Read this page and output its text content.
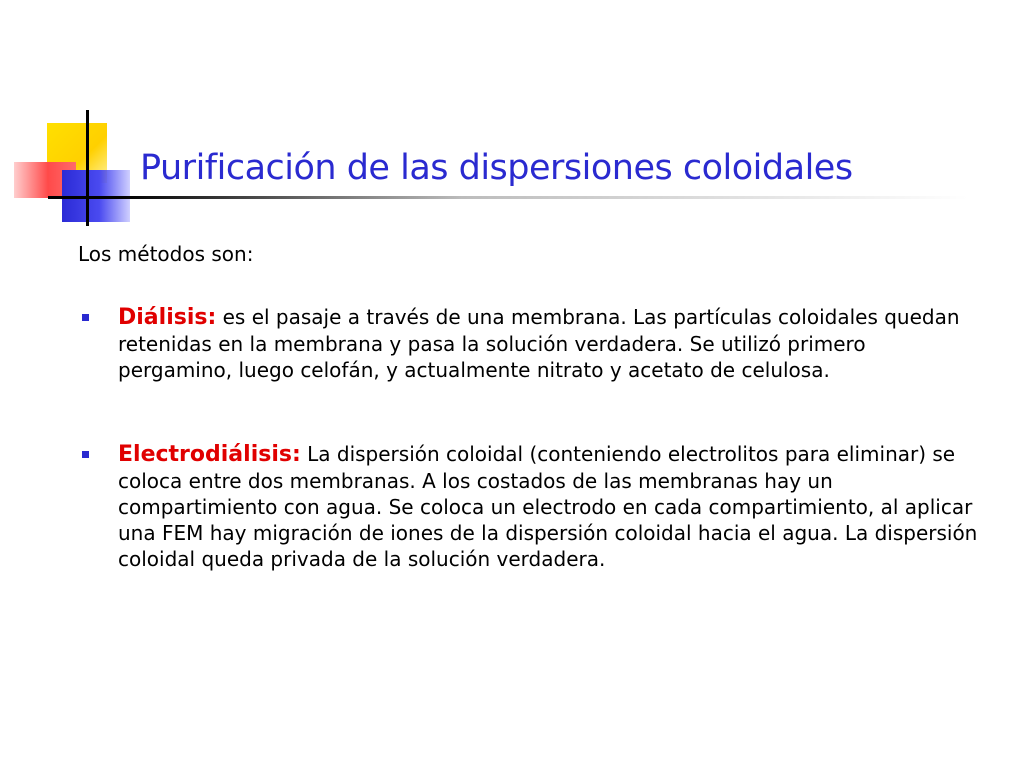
Purificación de las dispersiones coloidales
Los métodos son:
Diálisis: es el pasaje a través de una membrana. Las partículas coloidales quedan retenidas en la membrana y pasa la solución verdadera. Se utilizó primero pergamino, luego celofán, y actualmente nitrato y acetato de celulosa.
Electrodiálisis: La dispersión coloidal (conteniendo electrolitos para eliminar) se coloca entre dos membranas. A los costados de las membranas hay un compartimiento con agua. Se coloca un electrodo en cada compartimiento, al aplicar una FEM hay migración de iones de la dispersión coloidal hacia el agua. La dispersión coloidal queda privada de la solución verdadera.
